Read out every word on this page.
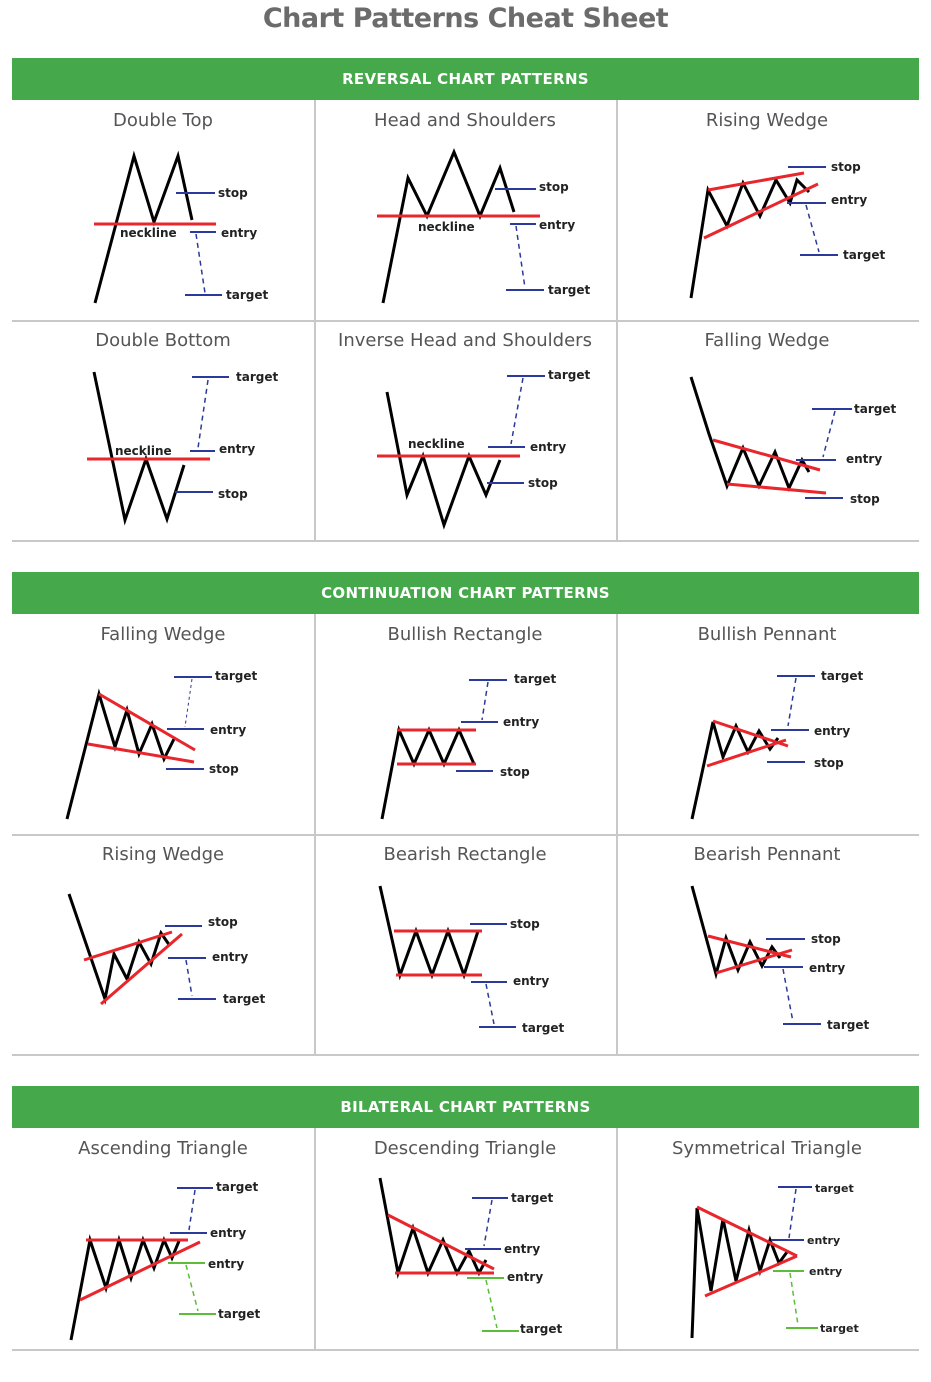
Chart Patterns Cheat Sheet
REVERSAL CHART PATTERNS
Double Top
stop
neckline	entry
target
Head and Shoulders
stop
neckline	entry
target
Rising Wedge
stop
entry
target
Double Bottom
target
neckline	entry
stop
Inverse Head and Shoulders
target
neckline	entry
stop
Falling Wedge
target
entry
stop
CONTINUATION CHART PATTERNS
Falling Wedge
target
entry
stop
Bullish Rectangle
target
entry
stop
Bullish Pennant
target
entry
stop
Rising Wedge
stop
entry
target
Bearish Rectangle
stop
entry
target
Bearish Pennant
stop
entry
target
BILATERAL CHART PATTERNS
Ascending Triangle
target
entry
entry
target
Descending Triangle
target
entry
entry
target
Symmetrical Triangle
target
entry
entry
target
